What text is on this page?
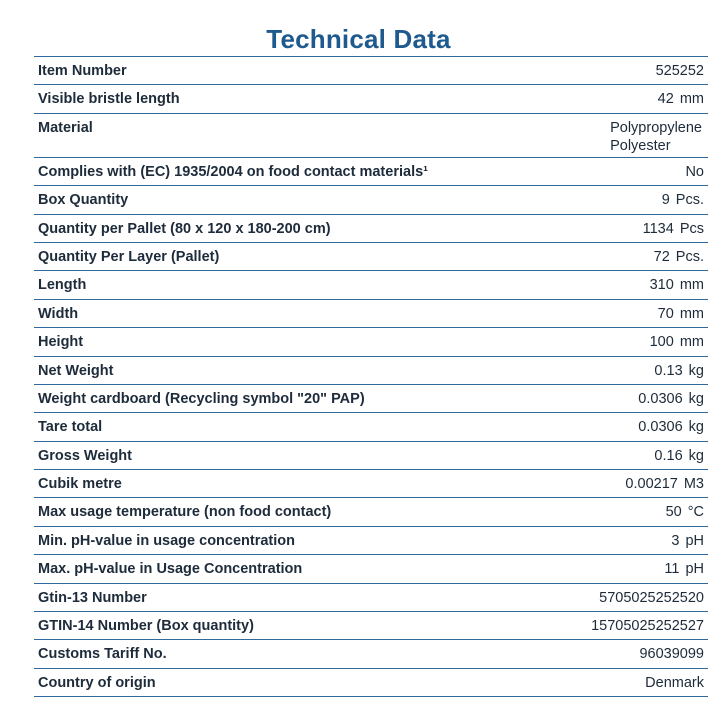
Technical Data
Item Number	525252
Visible bristle length	42 mm
Material	Polypropylene
Polyester
Complies with (EC) 1935/2004 on food contact materials¹	No
Box Quantity	9 Pcs.
Quantity per Pallet (80 x 120 x 180-200 cm)	1134 Pcs
Quantity Per Layer (Pallet)	72 Pcs.
Length	310 mm
Width	70 mm
Height	100 mm
Net Weight	0.13 kg
Weight cardboard (Recycling symbol "20" PAP)	0.0306 kg
Tare total	0.0306 kg
Gross Weight	0.16 kg
Cubik metre	0.00217 M3
Max usage temperature (non food contact)	50 °C
Min. pH-value in usage concentration	3 pH
Max. pH-value in Usage Concentration	11 pH
Gtin-13 Number	5705025252520
GTIN-14 Number (Box quantity)	15705025252527
Customs Tariff No.	96039099
Country of origin	Denmark
